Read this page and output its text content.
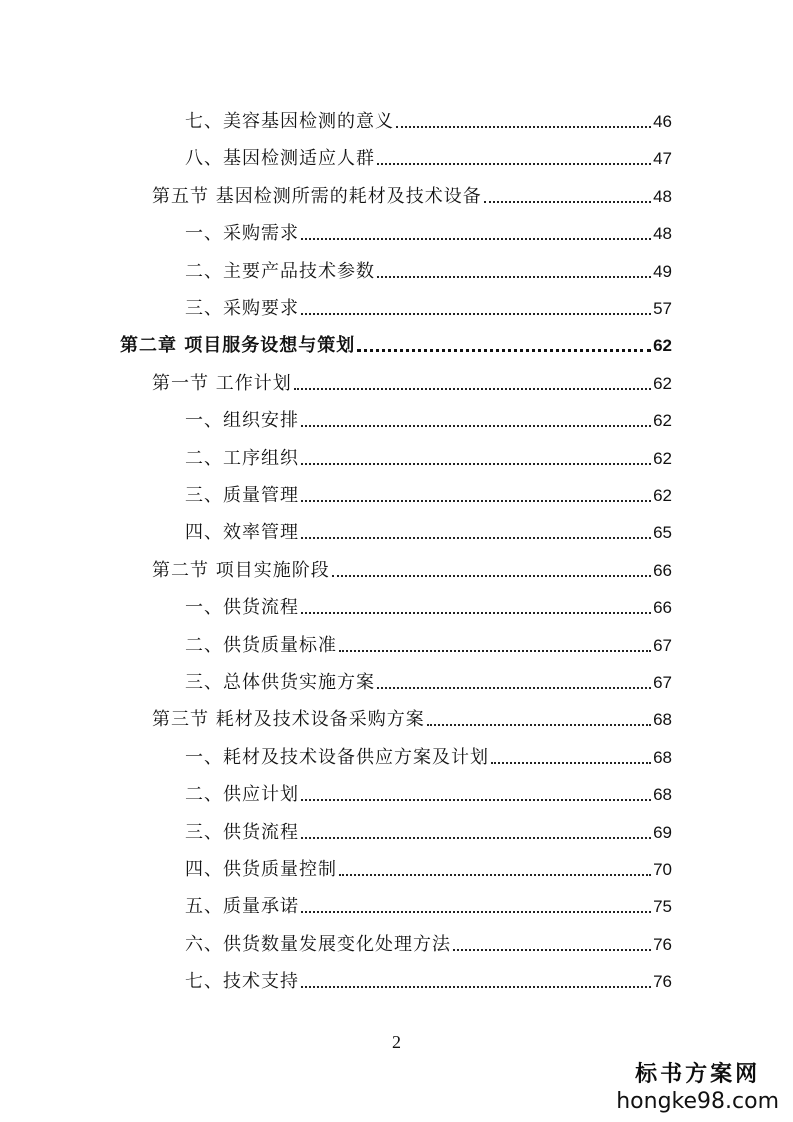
七、美容基因检测的意义	46
八、基因检测适应人群	47
第五节 基因检测所需的耗材及技术设备	48
一、采购需求	48
二、主要产品技术参数	49
三、采购要求	57
第二章 项目服务设想与策划	62
第一节 工作计划	62
一、组织安排	62
二、工序组织	62
三、质量管理	62
四、效率管理	65
第二节 项目实施阶段	66
一、供货流程	66
二、供货质量标准	67
三、总体供货实施方案	67
第三节 耗材及技术设备采购方案	68
一、耗材及技术设备供应方案及计划	68
二、供应计划	68
三、供货流程	69
四、供货质量控制	70
五、质量承诺	75
六、供货数量发展变化处理方法	76
七、技术支持	76
2
标书方案网
hongke98.com
